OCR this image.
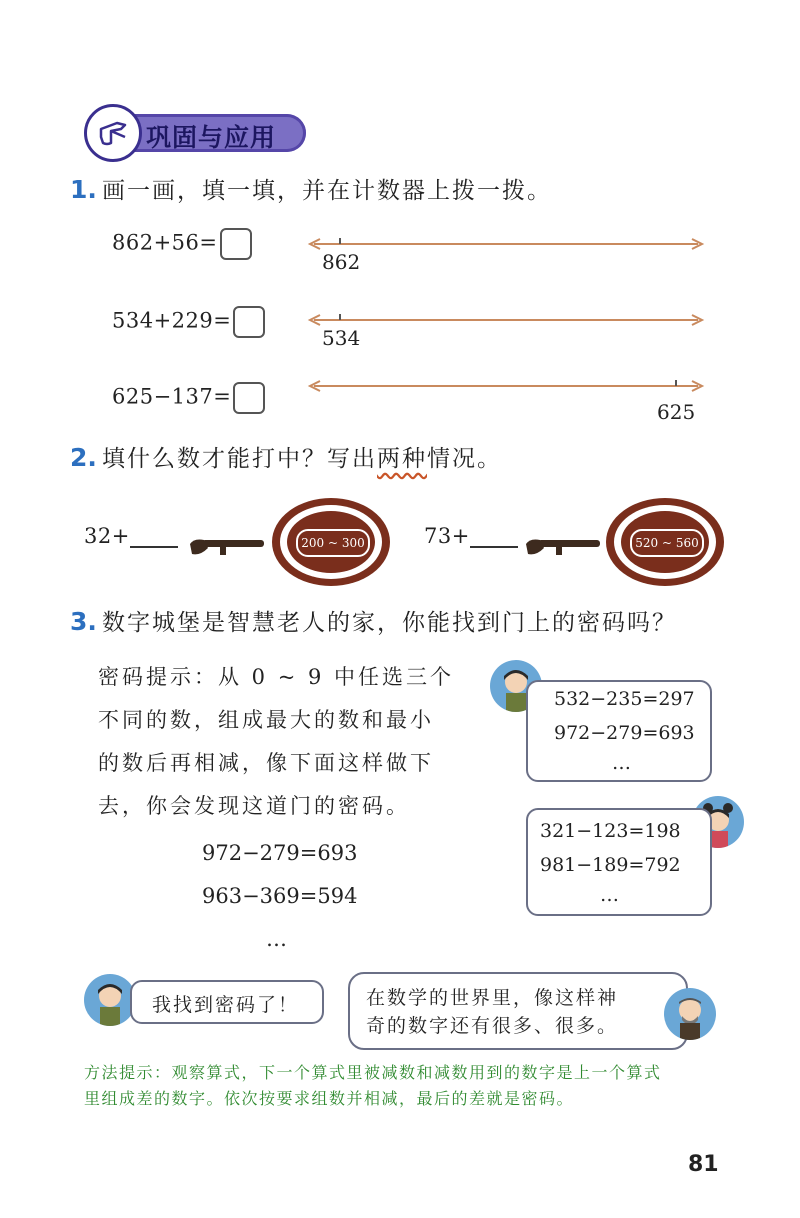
巩固与应用
1. 画一画，填一填，并在计数器上拨一拨。
862+56=
862
534+229=
534
625−137=
625
2. 填什么数才能打中？写出两种情况。
32+	200 ~ 300	73+	520 ~ 560
3. 数字城堡是智慧老人的家，你能找到门上的密码吗？
密码提示：从 0 ~ 9 中任选三个
不同的数，组成最大的数和最小
的数后再相减，像下面这样做下
去，你会发现这道门的密码。
972−279=693
963−369=594
…
532−235=297
972−279=693
…
321−123=198
981−189=792
…
我找到密码了！	在数学的世界里，像这样神
奇的数字还有很多、很多。
方法提示：观察算式，下一个算式里被减数和减数用到的数字是上一个算式
里组成差的数字。依次按要求组数并相减，最后的差就是密码。
81
